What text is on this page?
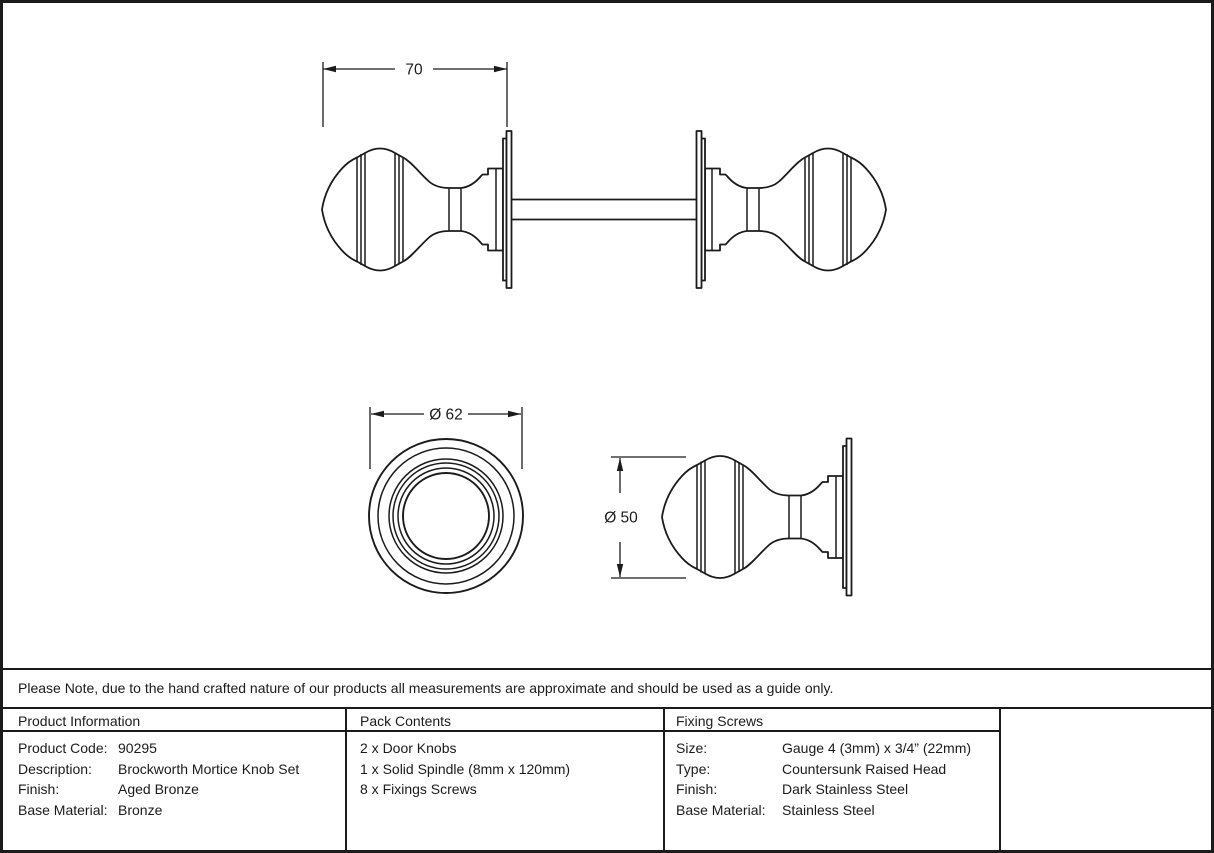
70
Ø 62
Ø 50
Please Note, due to the hand crafted nature of our products all measurements are approximate and should be used as a guide only.
Product Information	Pack Contents	Fixing Screws
Product Code: 90295
Description:	Brockworth Mortice Knob Set
Finish:	Aged Bronze
Base Material: Bronze
2 x Door Knobs
1 x Solid Spindle (8mm x 120mm)
8 x Fixings Screws
Size:	Gauge 4 (3mm) x 3/4” (22mm)
Type:	Countersunk Raised Head
Finish:	Dark Stainless Steel
Base Material:	Stainless Steel
